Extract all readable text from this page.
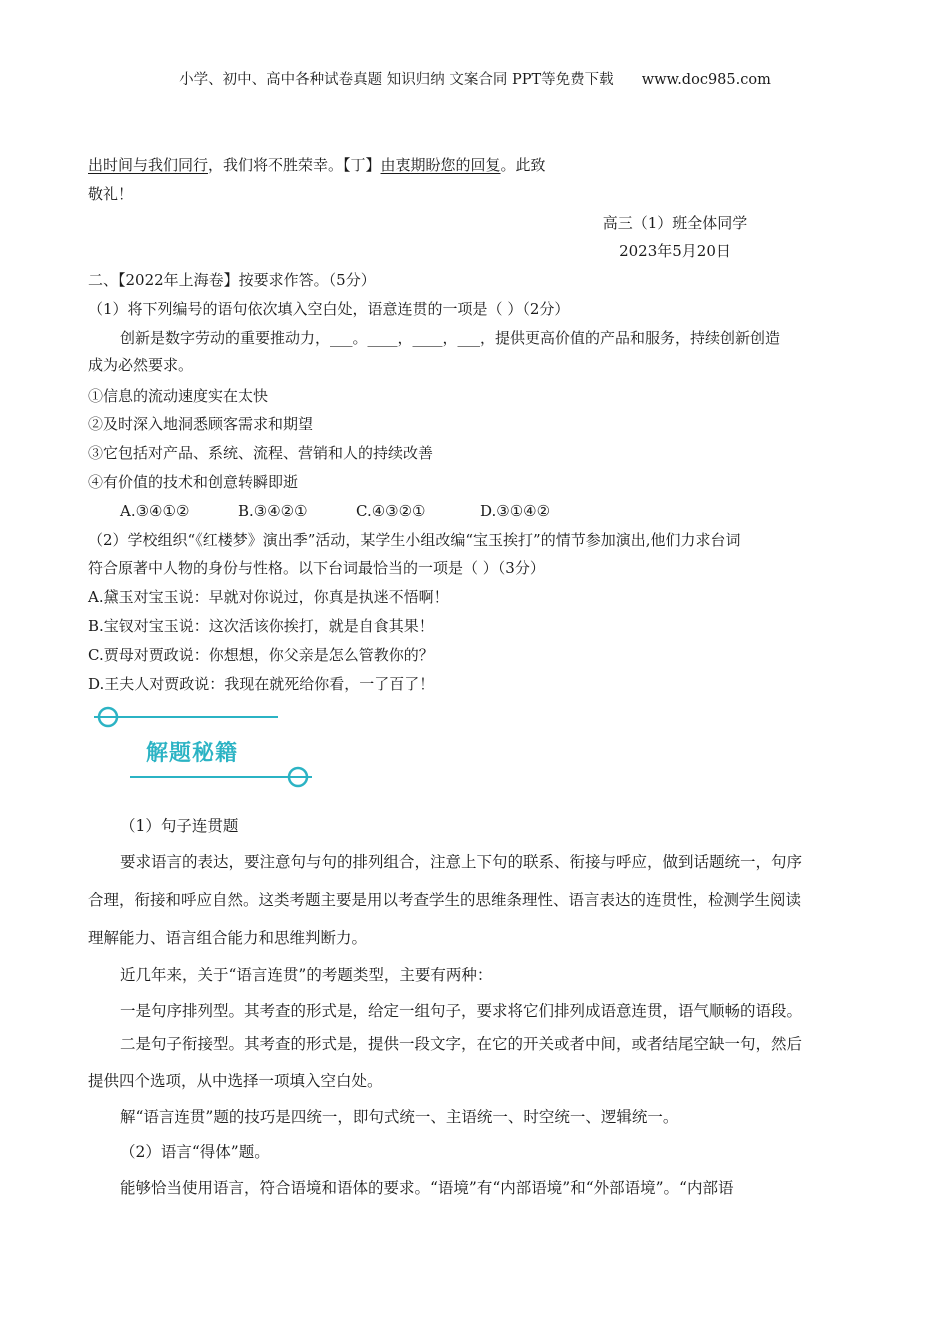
小学、初中、高中各种试卷真题 知识归纳 文案合同 PPT等免费下载 www.doc985.com
出时间与我们同行，我们将不胜荣幸。【丁】由衷期盼您的回复。此致
敬礼！
高三（1）班全体同学
2023年5月20日
二、【2022年上海卷】按要求作答。（5分）
（1）将下列编号的语句依次填入空白处，语意连贯的一项是（ ）（2分）
创新是数字劳动的重要推动力，___。____，____，___，提供更高价值的产品和服务，持续创新创造
成为必然要求。
①信息的流动速度实在太快
②及时深入地洞悉顾客需求和期望
③它包括对产品、系统、流程、营销和人的持续改善
④有价值的技术和创意转瞬即逝
A.③④①②	B.③④②①	C.④③②①	D.③①④②
（2）学校组织“《红楼梦》演出季”活动，某学生小组改编“宝玉挨打”的情节参加演出,他们力求台词
符合原著中人物的身份与性格。以下台词最恰当的一项是（ ）（3分）
A.黛玉对宝玉说：早就对你说过，你真是执迷不悟啊！
B.宝钗对宝玉说：这次活该你挨打，就是自食其果！
C.贾母对贾政说：你想想，你父亲是怎么管教你的？
D.王夫人对贾政说：我现在就死给你看，一了百了！
解题秘籍
（1）句子连贯题
要求语言的表达，要注意句与句的排列组合，注意上下句的联系、衔接与呼应，做到话题统一，句序
合理，衔接和呼应自然。这类考题主要是用以考查学生的思维条理性、语言表达的连贯性，检测学生阅读
理解能力、语言组合能力和思维判断力。
近几年来，关于“语言连贯”的考题类型，主要有两种：
一是句序排列型。其考查的形式是，给定一组句子，要求将它们排列成语意连贯，语气顺畅的语段。
二是句子衔接型。其考查的形式是，提供一段文字，在它的开关或者中间，或者结尾空缺一句，然后
提供四个选项，从中选择一项填入空白处。
解“语言连贯”题的技巧是四统一，即句式统一、主语统一、时空统一、逻辑统一。
（2）语言“得体”题。
能够恰当使用语言，符合语境和语体的要求。“语境”有“内部语境”和“外部语境”。“内部语
